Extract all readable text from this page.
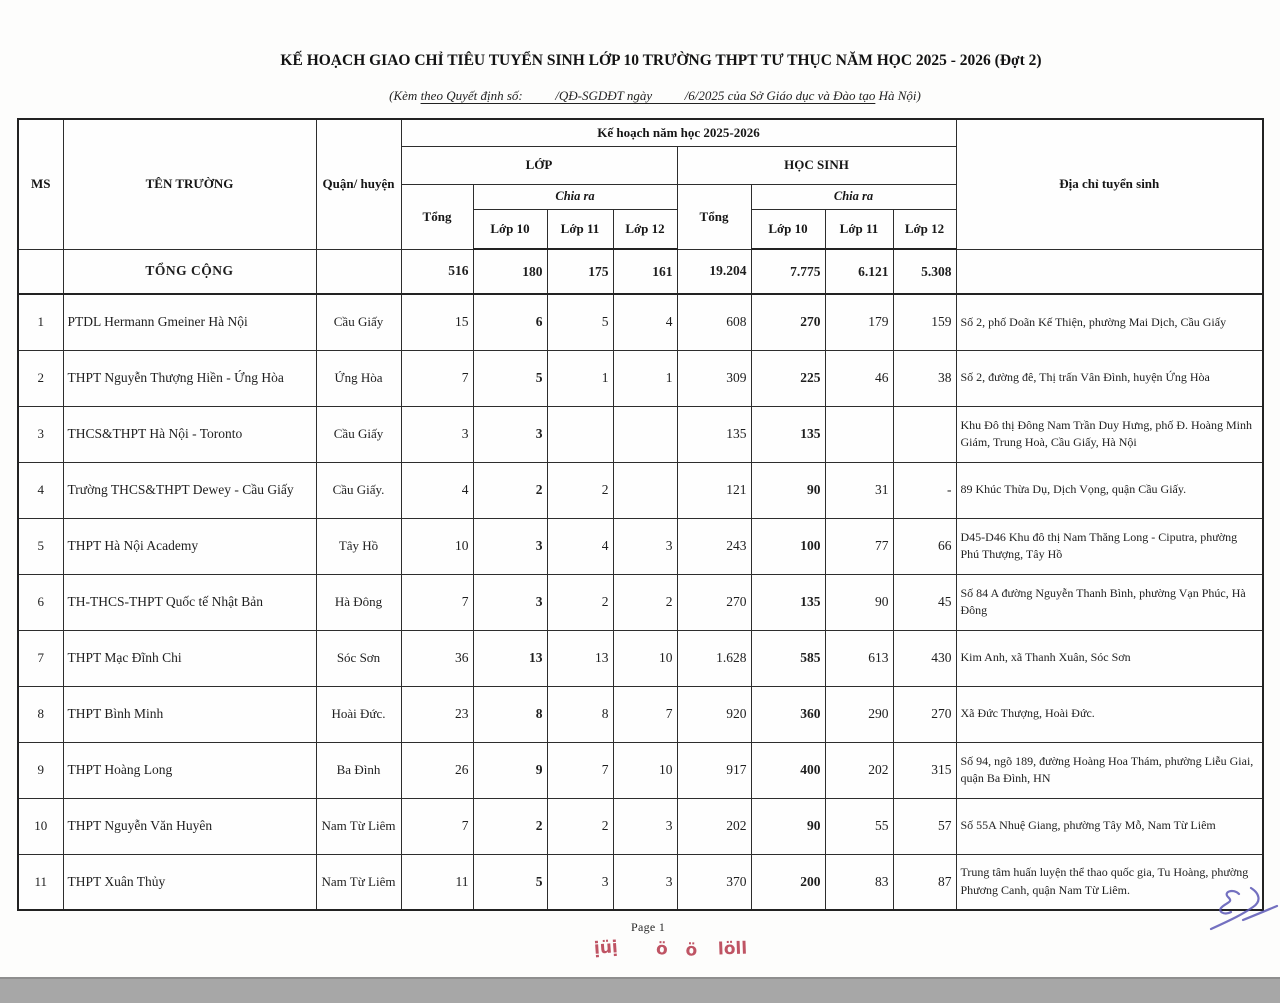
KẾ HOẠCH GIAO CHỈ TIÊU TUYỂN SINH LỚP 10 TRƯỜNG THPT TƯ THỤC NĂM HỌC 2025 - 2026 (Đợt 2)
(Kèm theo Quyết định số:          /QĐ-SGDĐT ngày          /6/2025 của Sở Giáo dục và Đào tạo Hà Nội)
MS	TÊN TRƯỜNG	Quận/ huyện	Kế hoạch năm học 2025-2026								Địa chỉ tuyển sinh
			LỚP				HỌC SINH				
			Tổng	Chia ra			Tổng	Chia ra			
				Lớp 10	Lớp 11	Lớp 12		Lớp 10	Lớp 11	Lớp 12	
	TỔNG CỘNG		516	180	175	161	19.204	7.775	6.121	5.308	
1	PTDL Hermann Gmeiner Hà Nội	Cầu Giấy	15	6	5	4	608	270	179	159	Số 2, phố Doãn Kế Thiện, phường Mai Dịch, Cầu Giấy
2	THPT Nguyễn Thượng Hiền - Ứng Hòa	Ứng Hòa	7	5	1	1	309	225	46	38	Số 2, đường đê, Thị trấn Vân Đình, huyện Ứng Hòa
3	THCS&THPT Hà Nội - Toronto	Cầu Giấy	3	3			135	135			Khu Đô thị Đông Nam Trần Duy Hưng, phố Đ. Hoàng Minh Giám, Trung Hoà, Cầu Giấy, Hà Nội
4	Trường THCS&THPT Dewey - Cầu Giấy	Cầu Giấy.	4	2	2		121	90	31	-	89 Khúc Thừa Dụ, Dịch Vọng, quận Cầu Giấy.
5	THPT Hà Nội Academy	Tây Hồ	10	3	4	3	243	100	77	66	D45-D46 Khu đô thị Nam Thăng Long - Ciputra, phường Phú Thượng, Tây Hồ
6	TH-THCS-THPT Quốc tế Nhật Bản	Hà Đông	7	3	2	2	270	135	90	45	Số 84 A đường Nguyễn Thanh Bình, phường Vạn Phúc, Hà Đông
7	THPT Mạc Đĩnh Chi	Sóc Sơn	36	13	13	10	1.628	585	613	430	Kim Anh, xã Thanh Xuân, Sóc Sơn
8	THPT Bình Minh	Hoài Đức.	23	8	8	7	920	360	290	270	Xã Đức Thượng, Hoài Đức.
9	THPT Hoàng Long	Ba Đình	26	9	7	10	917	400	202	315	Số 94, ngõ 189, đường Hoàng Hoa Thám, phường Liễu Giai, quận Ba Đình, HN
10	THPT Nguyễn Văn Huyên	Nam Từ Liêm	7	2	2	3	202	90	55	57	Số 55A Nhuệ Giang, phường Tây Mỗ, Nam Từ Liêm
11	THPT Xuân Thủy	Nam Từ Liêm	11	5	3	3	370	200	83	87	Trung tâm huấn luyện thể thao quốc gia, Tu Hoàng, phường Phương Canh, quận Nam Từ Liêm.
Page 1
ịüị ö ö löll
